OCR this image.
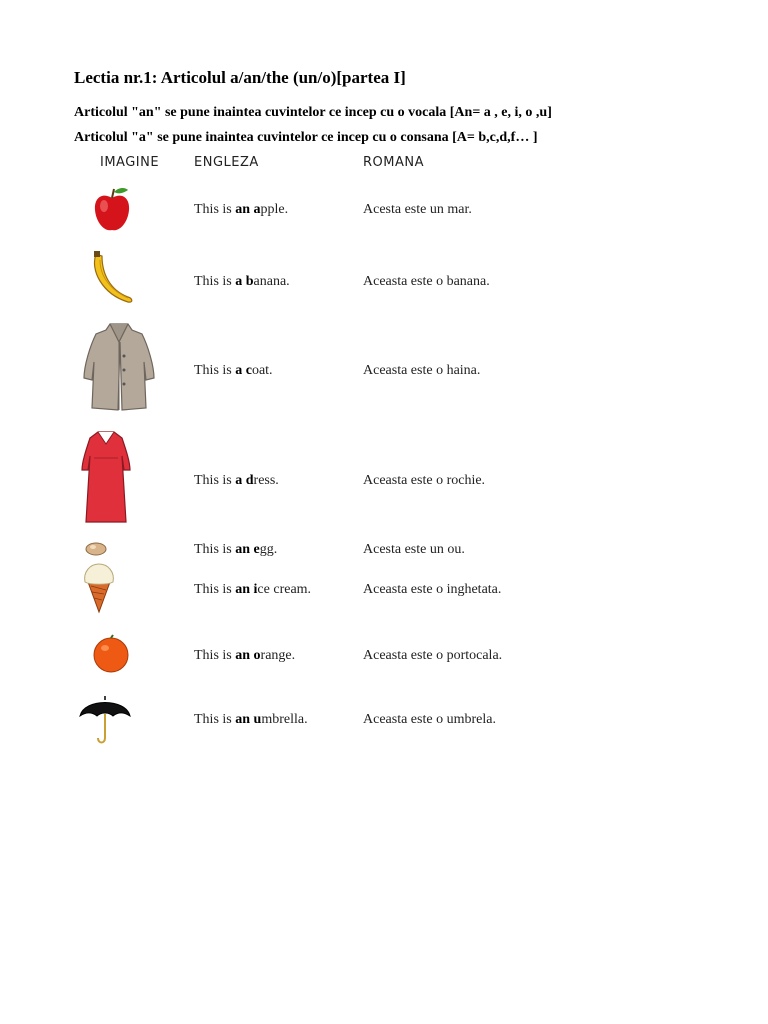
Lectia nr.1: Articolul a/an/the (un/o)[partea I]
Articolul "an" se pune inaintea cuvintelor ce incep cu o vocala [An= a , e, i, o ,u]
Articolul "a" se pune inaintea cuvintelor ce incep cu o consana [A= b,c,d,f… ]
IMAGINE	ENGLEZA	ROMANA
This is an apple.	Acesta este un mar.
This is a banana.	Aceasta este o banana.
This is a coat.	Aceasta este o haina.
This is a dress.	Aceasta este o rochie.
This is an egg.	Acesta este un ou.
This is an ice cream.	Aceasta este o inghetata.
This is an orange.	Aceasta este o portocala.
This is an umbrella.	Aceasta este o umbrela.
